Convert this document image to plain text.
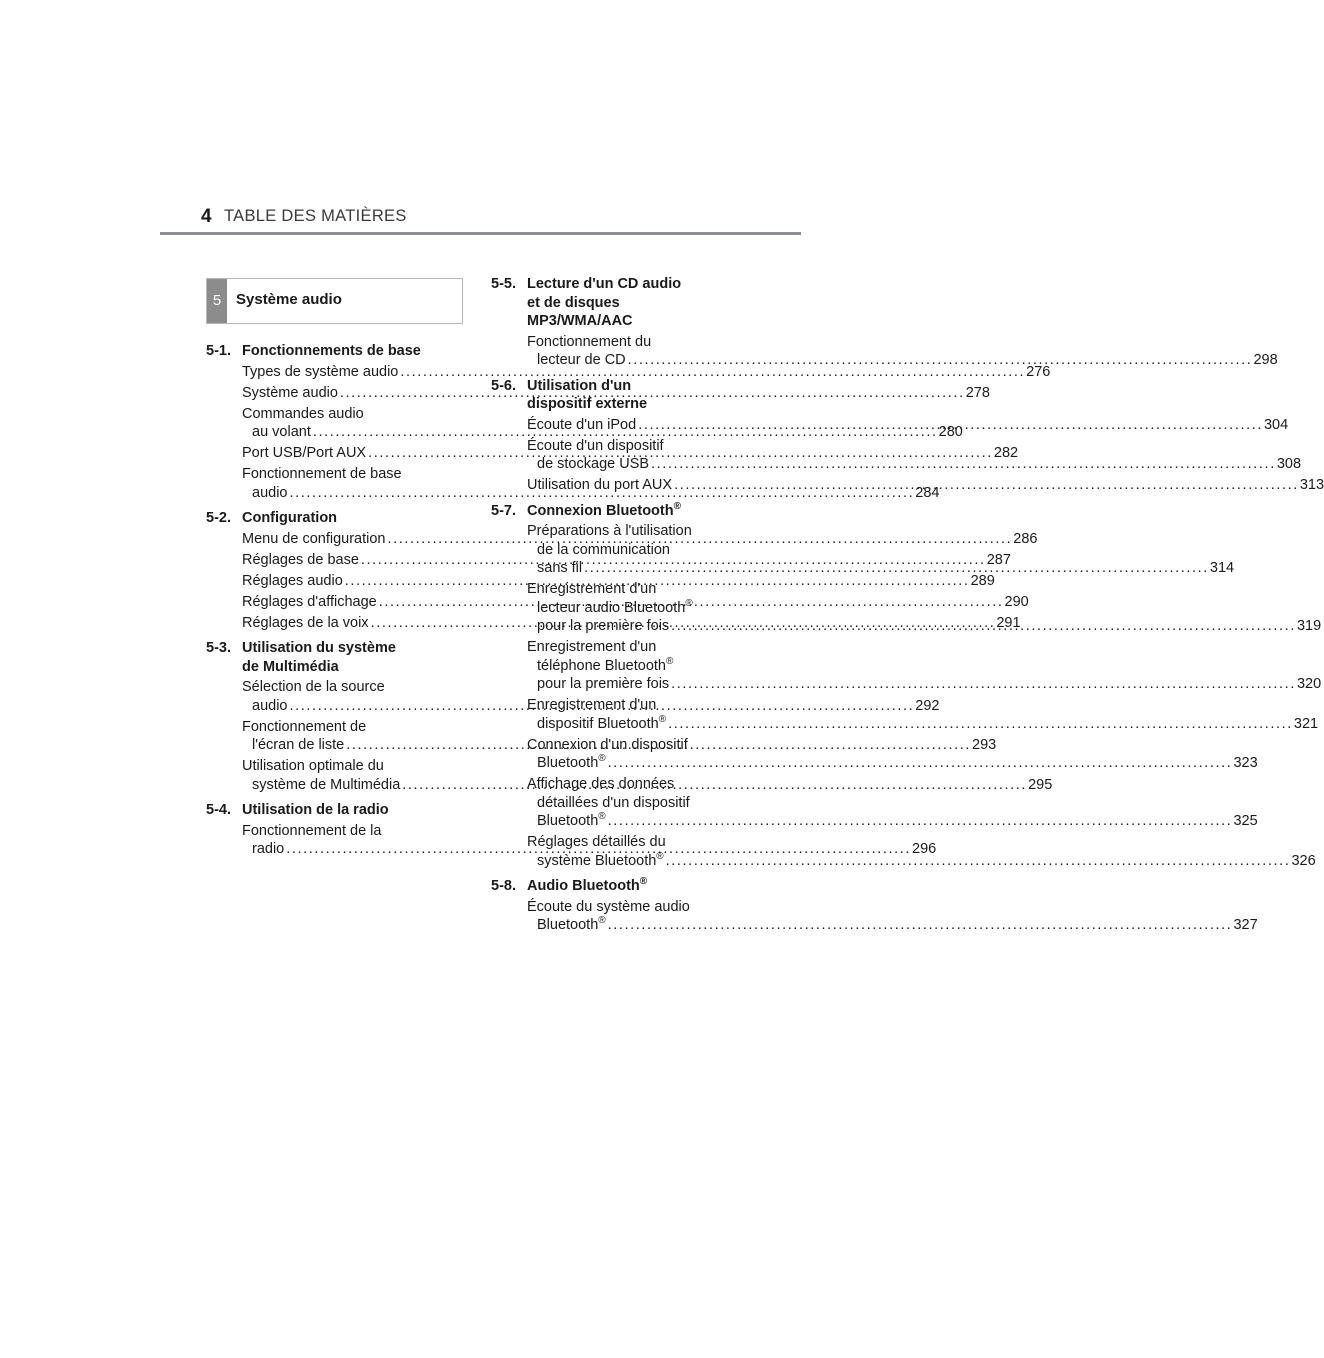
4 TABLE DES MATIÈRES
5 Système audio
5-1. Fonctionnements de base
Types de système audio .....	276
Système audio .....	278
Commandes audio
au volant .....	280
Port USB/Port AUX .....	282
Fonctionnement de base
audio .....	284
5-2. Configuration
Menu de configuration .....	286
Réglages de base .....	287
Réglages audio .....	289
Réglages d'affichage .....	290
Réglages de la voix .....	291
5-3. Utilisation du système
de Multimédia
Sélection de la source
audio .....	292
Fonctionnement de
l'écran de liste .....	293
Utilisation optimale du
système de Multimédia .....	295
5-4. Utilisation de la radio
Fonctionnement de la
radio .....	296
5-5. Lecture d'un CD audio
et de disques
MP3/WMA/AAC
Fonctionnement du
lecteur de CD .....	298
5-6. Utilisation d'un
dispositif externe
Écoute d'un iPod .....	304
Écoute d'un dispositif
de stockage USB .....	308
Utilisation du port AUX .....	313
5-7. Connexion Bluetooth®
Préparations à l'utilisation
de la communication
sans fil .....	314
Enregistrement d'un
lecteur audio Bluetooth®
pour la première fois .....	319
Enregistrement d'un
téléphone Bluetooth®
pour la première fois .....	320
Enregistrement d'un
dispositif Bluetooth® .....	321
Connexion d'un dispositif
Bluetooth® .....	323
Affichage des données
détaillées d'un dispositif
Bluetooth® .....	325
Réglages détaillés du
système Bluetooth® .....	326
5-8. Audio Bluetooth®
Écoute du système audio
Bluetooth® .....	327
